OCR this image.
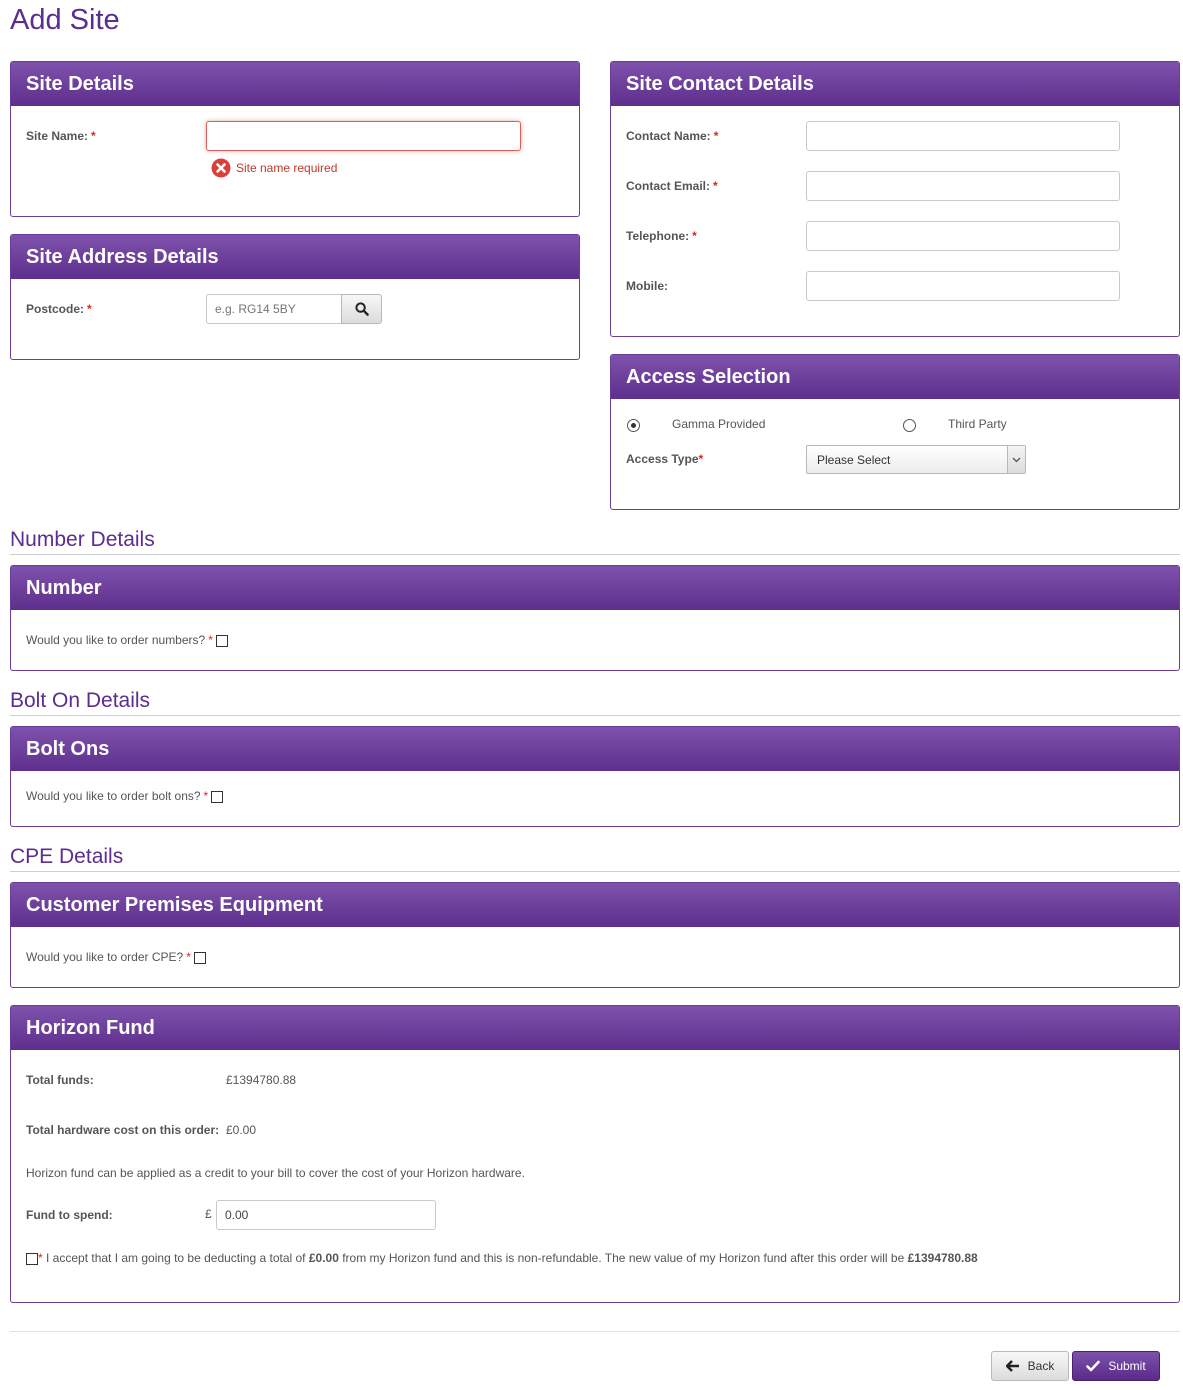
Add Site
Site Details
Site Name: *
Site name required
Site Address Details
Postcode: *
e.g. RG14 5BY
Site Contact Details
Contact Name: *
Contact Email: *
Telephone: *
Mobile:
Access Selection
Gamma Provided	Third Party
Access Type*	Please Select
Number Details
Number
Would you like to order numbers? *
Bolt On Details
Bolt Ons
Would you like to order bolt ons? *
CPE Details
Customer Premises Equipment
Would you like to order CPE? *
Horizon Fund
Total funds:	£1394780.88
Total hardware cost on this order: £0.00
Horizon fund can be applied as a credit to your bill to cover the cost of your Horizon hardware.
Fund to spend:	£
0.00
* I accept that I am going to be deducting a total of £0.00 from my Horizon fund and this is non-refundable. The new value of my Horizon fund after this order will be £1394780.88
Back	Submit
